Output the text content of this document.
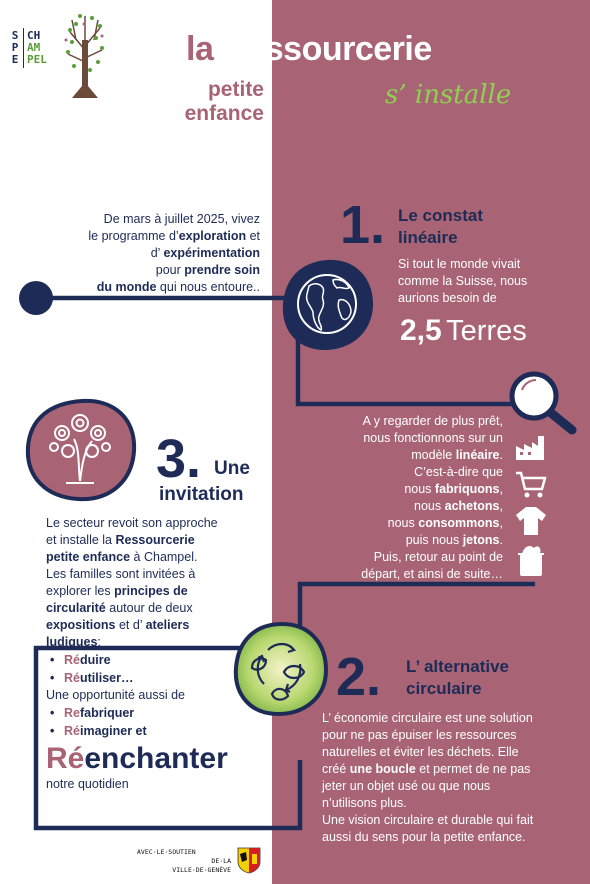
S
P
E
CH
AM
PEL	la Ressourcerie
petite
enfance
s’ installe
De mars à juillet 2025, vivez
le programme d’exploration et
d’ expérimentation
pour prendre soin
du monde qui nous entoure..
1. Le constat
linéaire
Si tout le monde vivait
comme la Suisse, nous
aurions besoin de
2,5 Terres
A y regarder de plus prêt,
nous fonctionnons sur un
modèle linéaire.
C’est-à-dire que
nous fabriquons,
nous achetons,
nous consommons,
puis nous jetons.
Puis, retour au point de
départ, et ainsi de suite…
3. Une
invitation
Le secteur revoit son approche
et installe la Ressourcerie
petite enfance à Champel.
Les familles sont invitées à
explorer les principes de
circularité autour de deux
expositions et d’ ateliers
ludiques:
• Réduire
• Réutiliser…
Une opportunité aussi de
• Refabriquer
• Réimaginer et
Réenchanter
notre quotidien
2. L’ alternative
circulaire
L’ économie circulaire est une solution
pour ne pas épuiser les ressources
naturelles et éviter les déchets. Elle
créé une boucle et permet de ne pas
jeter un objet usé ou que nous
n’utilisons plus.
Une vision circulaire et durable qui fait
aussi du sens pour la petite enfance.
AVEC·LE·SOUTIEN
DE·LA
VILLE·DE·GENÈVE
